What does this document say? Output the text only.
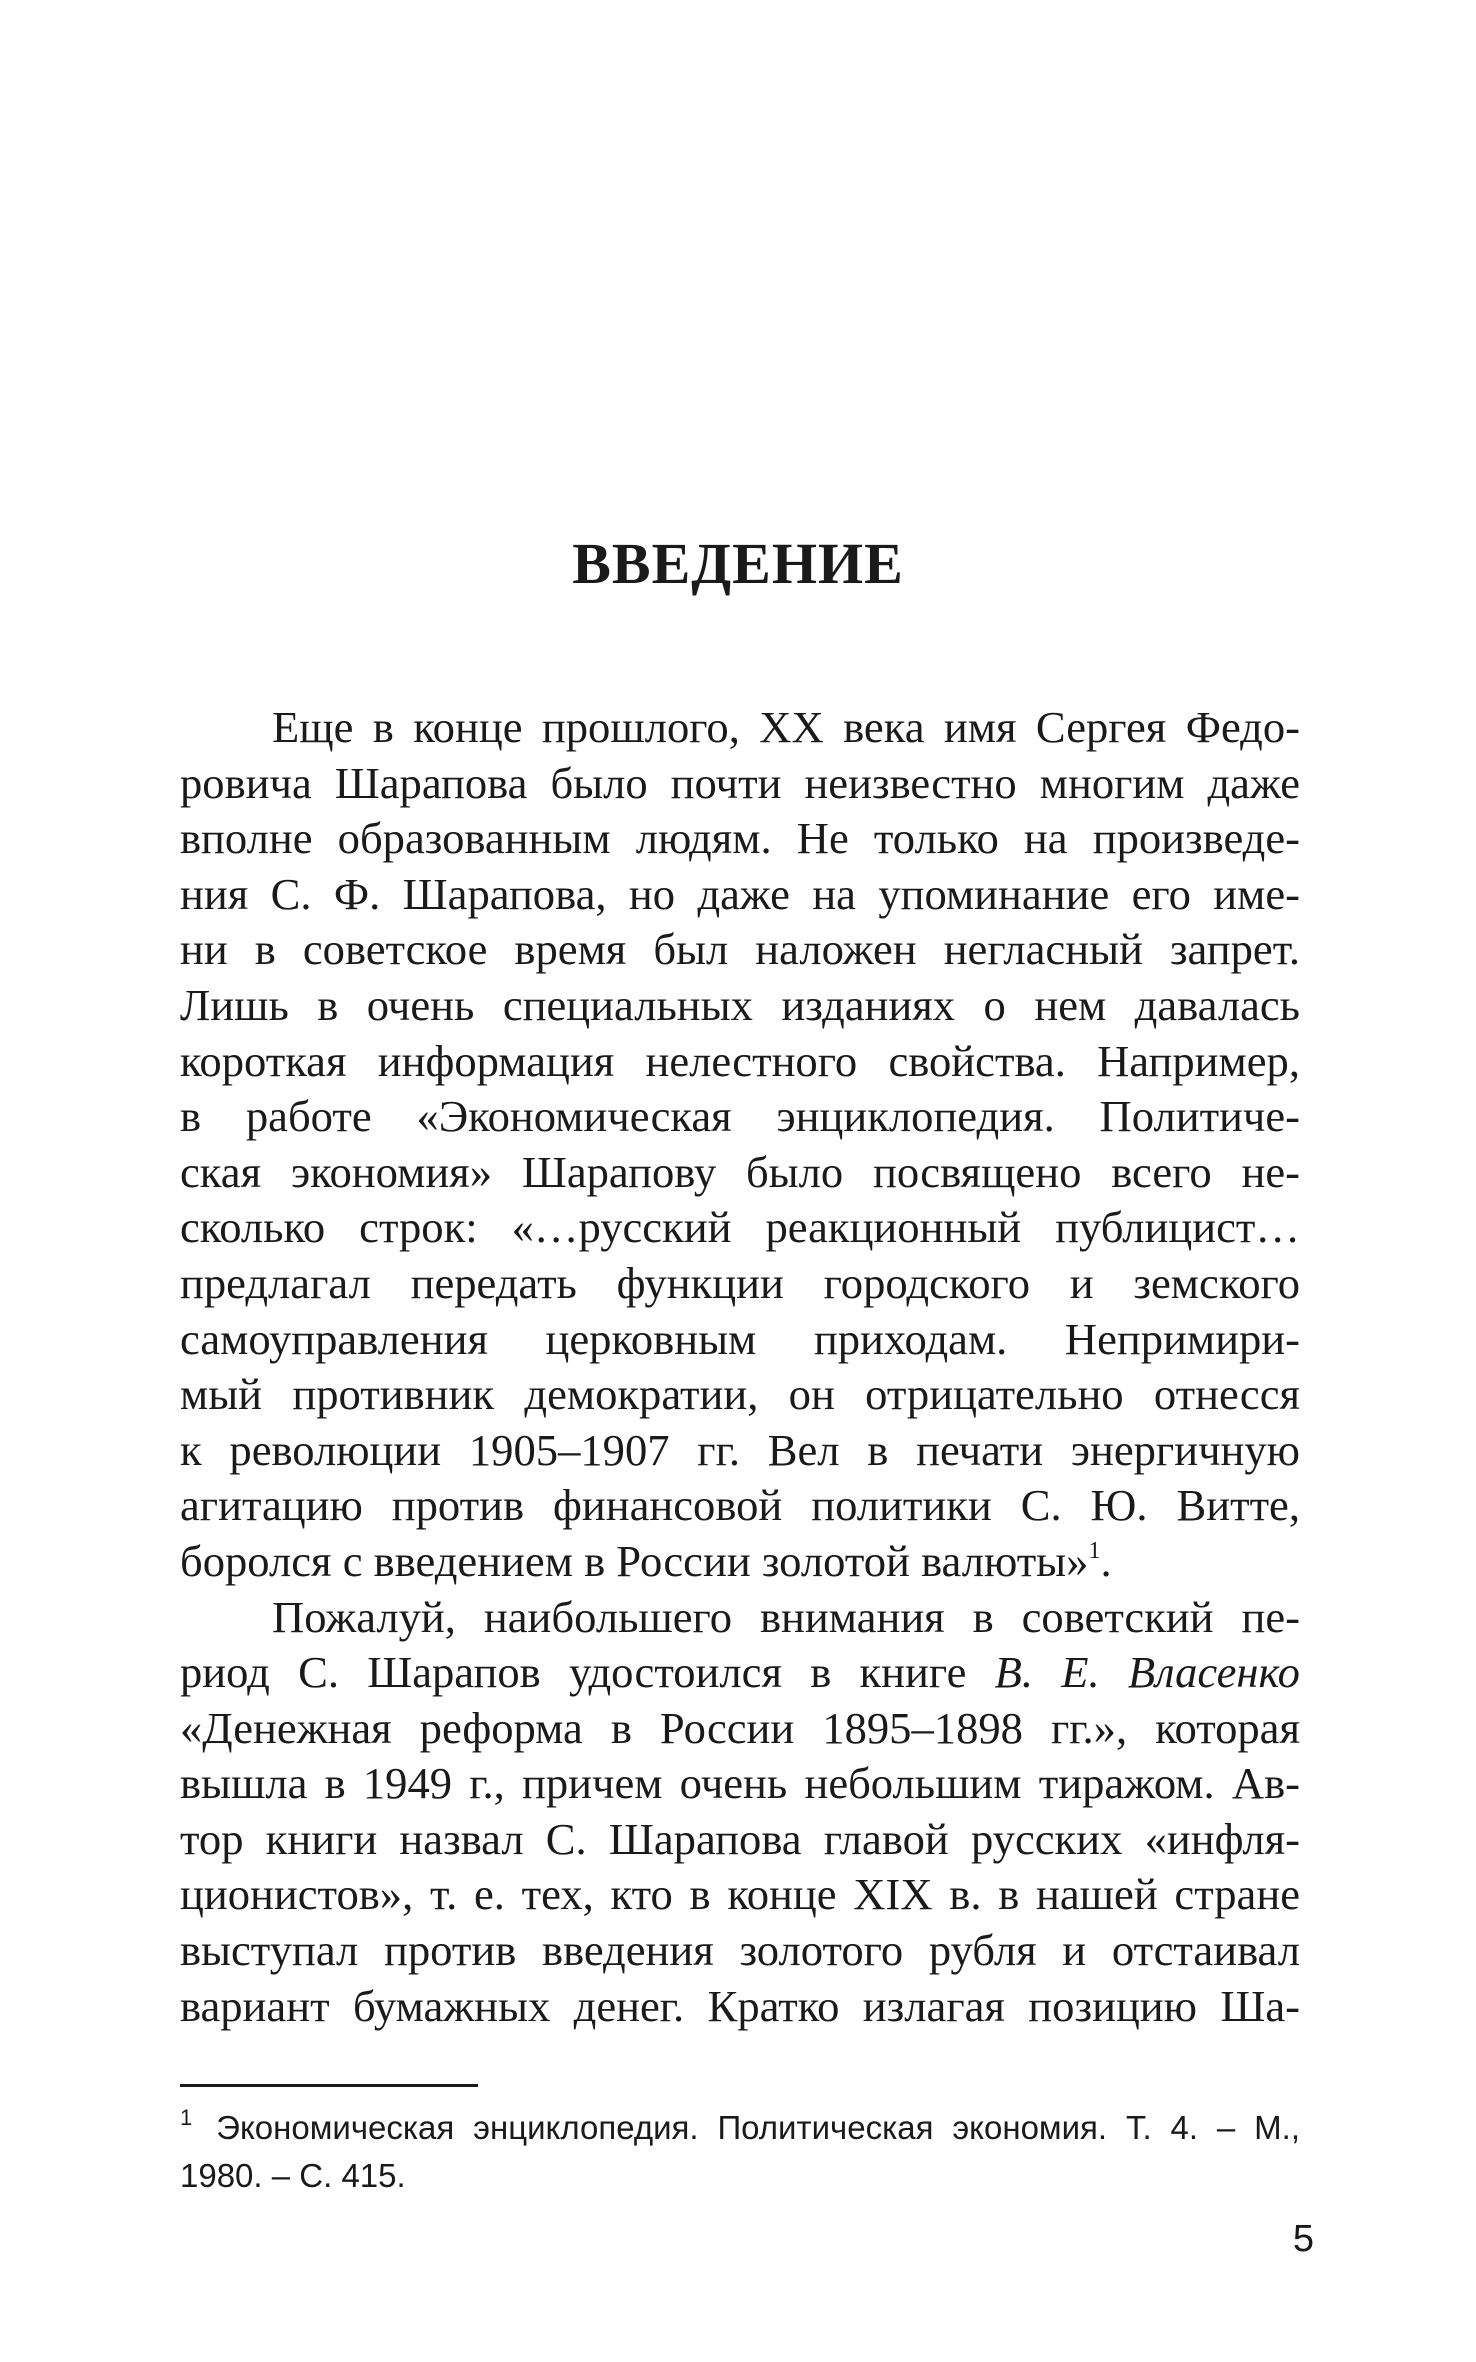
ВВЕДЕНИЕ
Еще в конце прошлого, XX века имя Сергея Федо-
ровича Шарапова было почти неизвестно многим даже
вполне образованным людям. Не только на произведе-
ния С. Ф. Шарапова, но даже на упоминание его име-
ни в советское время был наложен негласный запрет.
Лишь в очень специальных изданиях о нем давалась
короткая информация нелестного свойства. Например,
в работе «Экономическая энциклопедия. Политиче-
ская экономия» Шарапову было посвящено всего не-
сколько строк: «…русский реакционный публицист…
предлагал передать функции городского и земского
самоуправления церковным приходам. Непримири-
мый противник демократии, он отрицательно отнесся
к революции 1905–1907 гг. Вел в печати энергичную
агитацию против финансовой политики С. Ю. Витте,
боролся с введением в России золотой валюты»$^1$.
Пожалуй, наибольшего внимания в советский пе-
риод С. Шарапов удостоился в книге В. Е. Власенко
«Денежная реформа в России 1895–1898 гг.», которая
вышла в 1949 г., причем очень небольшим тиражом. Ав-
тор книги назвал С. Шарапова главой русских «инфля-
ционистов», т. е. тех, кто в конце XIX в. в нашей стране
выступал против введения золотого рубля и отстаивал
вариант бумажных денег. Кратко излагая позицию Ша-
$^1$ Экономическая энциклопедия. Политическая экономия. Т. 4. – М.,
1980. – С. 415.
5
